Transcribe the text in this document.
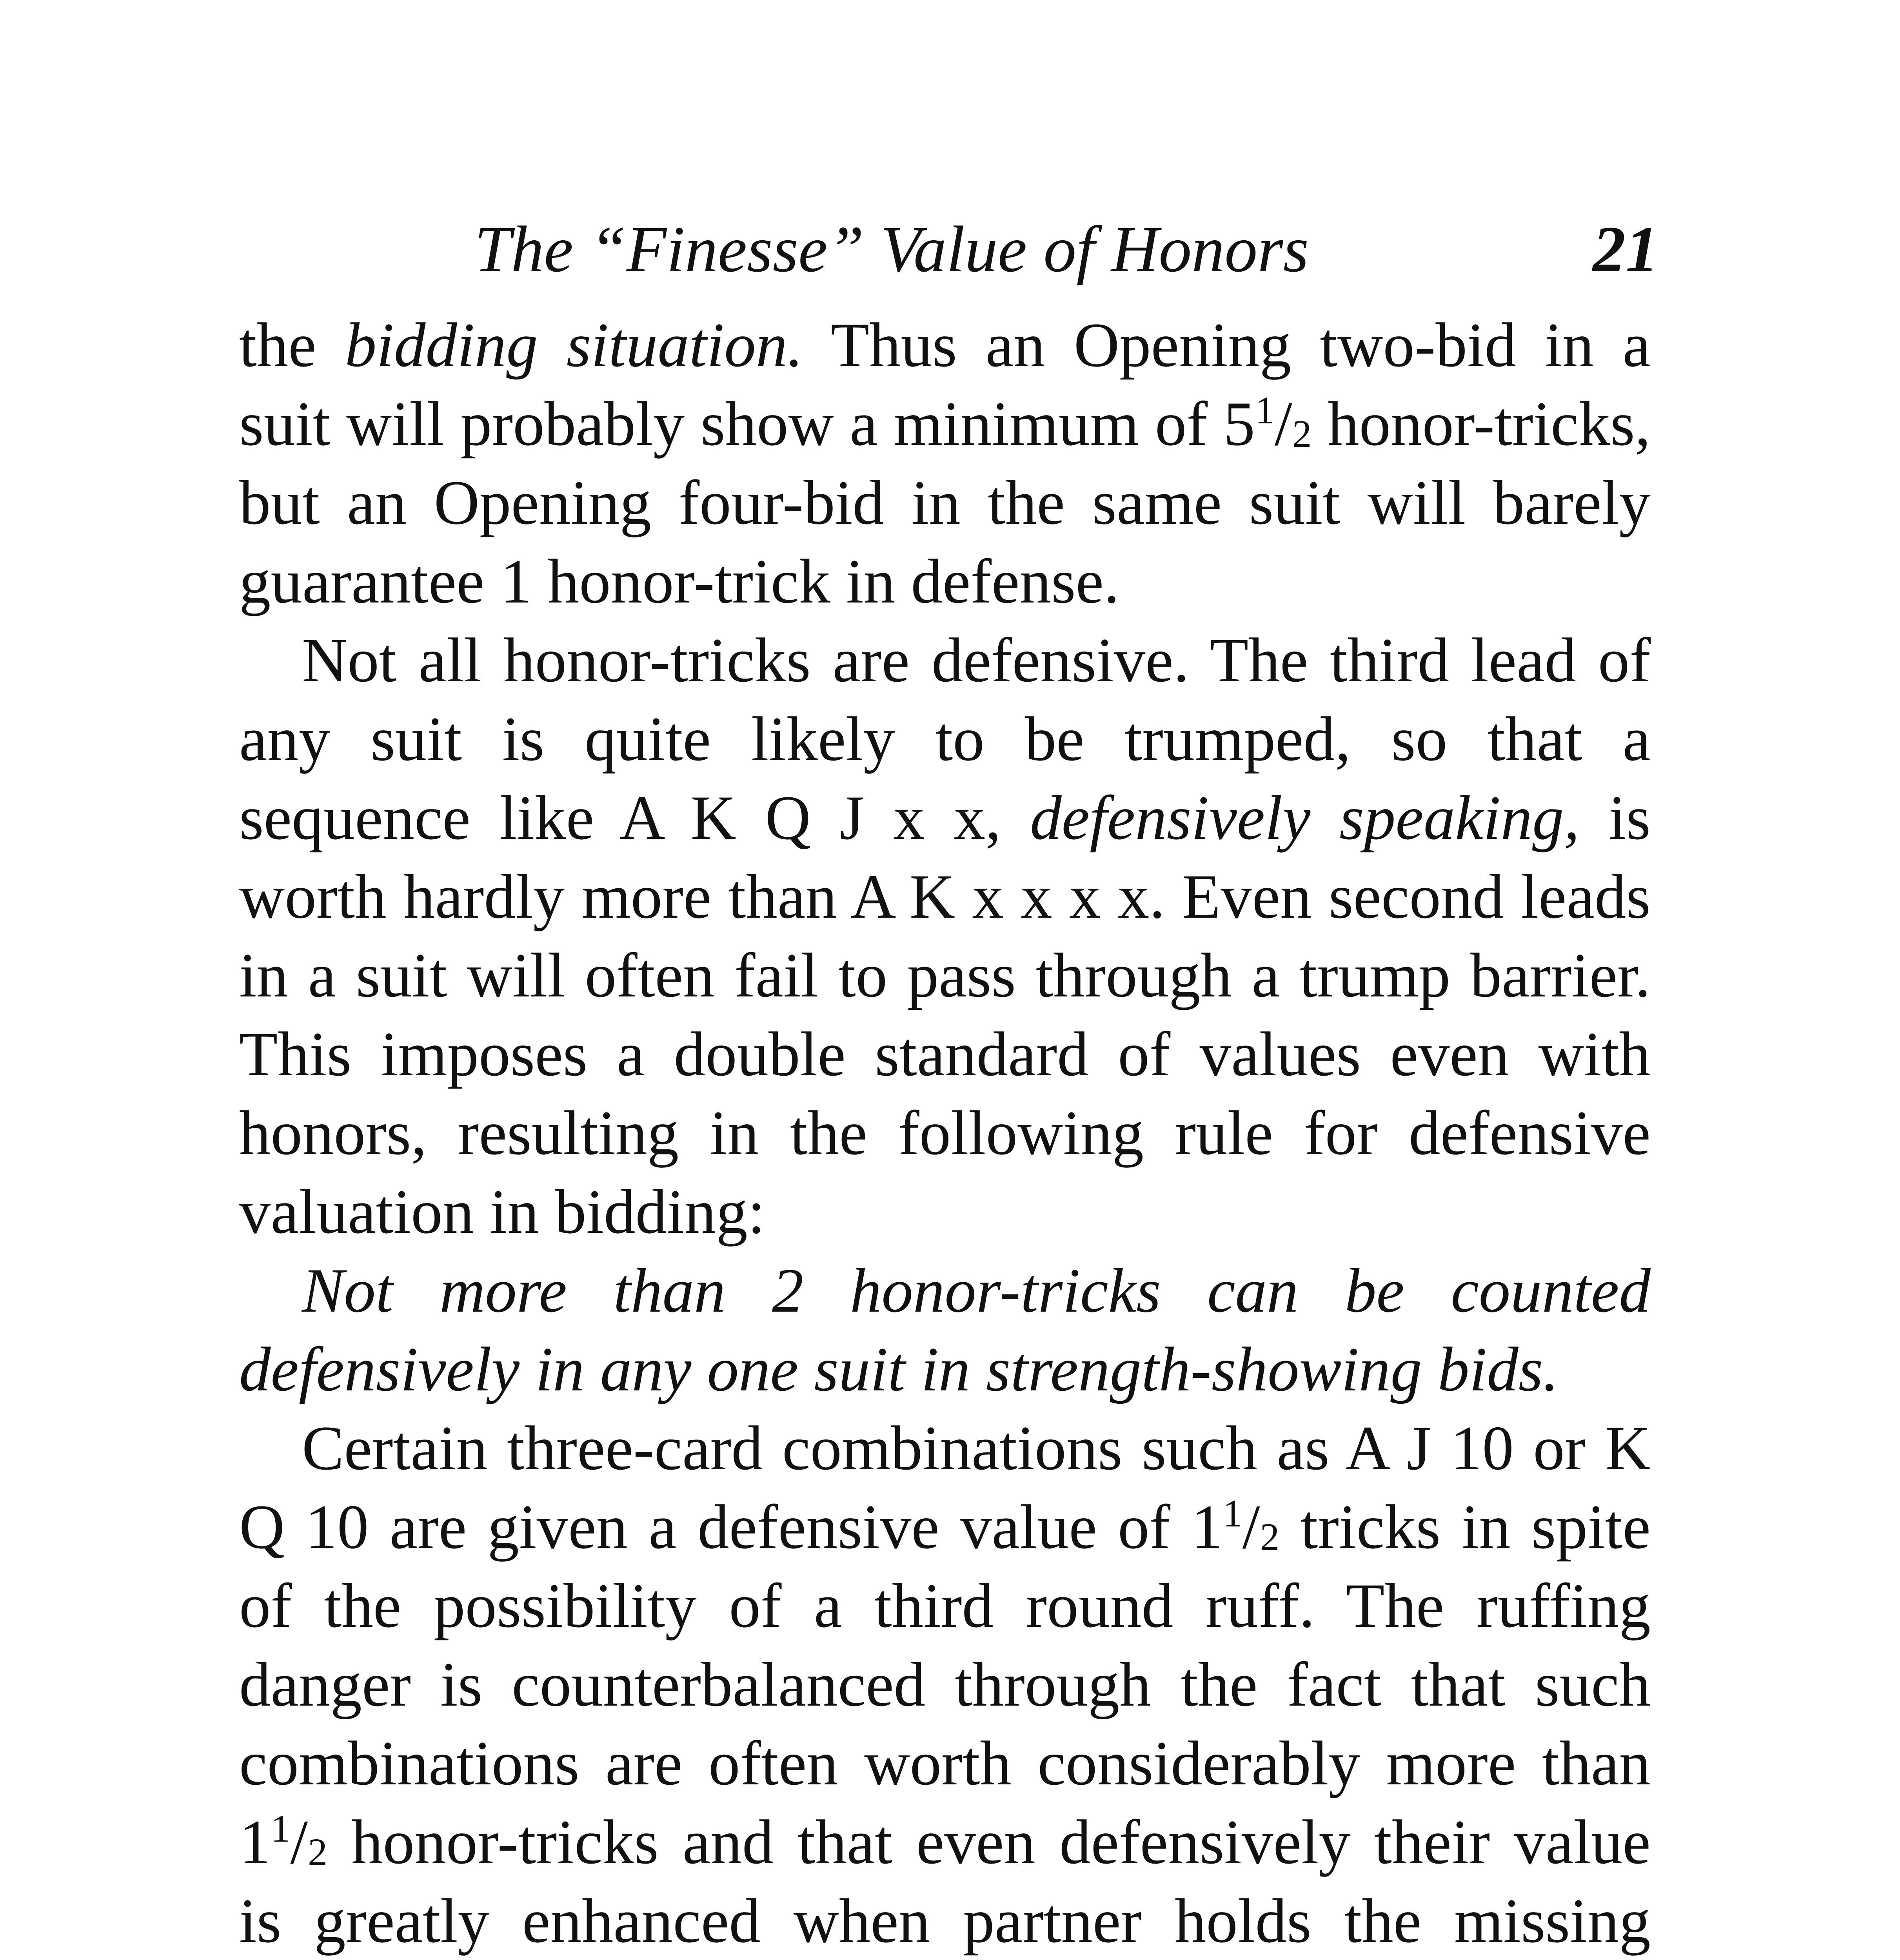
The “Finesse” Value of Honors	21

the bidding situation. Thus an Opening two-bid in a suit will probably show a minimum of $5^1/_2$ honor-tricks, but an Opening four-bid in the same suit will barely guarantee 1 honor-trick in defense.

Not all honor-tricks are defensive. The third lead of any suit is quite likely to be trumped, so that a sequence like A K Q J x x, defensively speaking, is worth hardly more than A K x x x x. Even second leads in a suit will often fail to pass through a trump barrier. This imposes a double standard of values even with honors, resulting in the following rule for defensive valuation in bidding:

Not more than 2 honor-tricks can be counted defensively in any one suit in strength-showing bids.

Certain three-card combinations such as A J 10 or K Q 10 are given a defensive value of $1^1/_2$ tricks in spite of the possibility of a third round ruff. The ruffing danger is counterbalanced through the fact that such combinations are often worth considerably more than $1^1/_2$ honor-tricks and that even defensively their value is greatly enhanced when partner holds the missing
